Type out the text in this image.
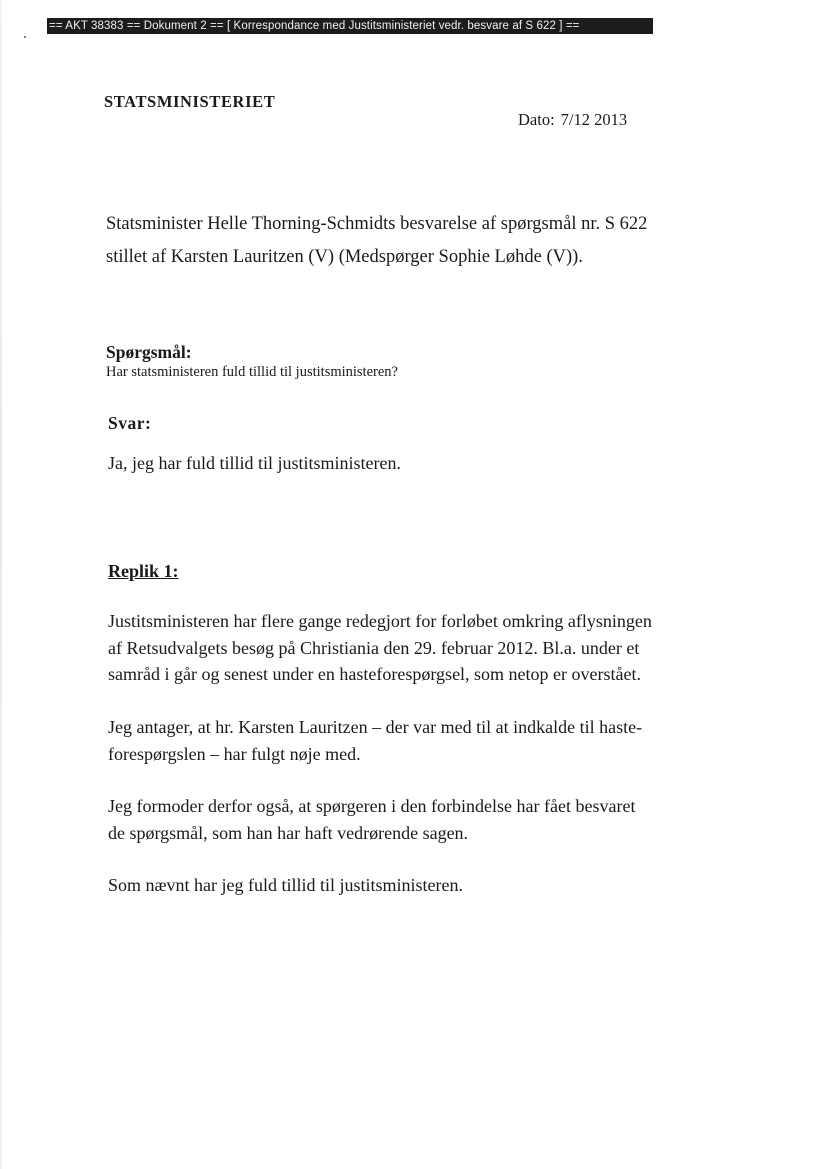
== AKT 38383 == Dokument 2 == [ Korrespondance med Justitsministeriet vedr. besvare af S 622 ] ==
STATSMINISTERIET
Dato: 7/12 2013
Statsminister Helle Thorning-Schmidts besvarelse af spørgsmål nr. S 622
stillet af Karsten Lauritzen (V) (Medspørger Sophie Løhde (V)).
Spørgsmål:
Har statsministeren fuld tillid til justitsministeren?
Svar:
Ja, jeg har fuld tillid til justitsministeren.
Replik 1:
Justitsministeren har flere gange redegjort for forløbet omkring aflysningen
af Retsudvalgets besøg på Christiania den 29. februar 2012. Bl.a. under et
samråd i går og senest under en hasteforespørgsel, som netop er overstået.
Jeg antager, at hr. Karsten Lauritzen – der var med til at indkalde til haste-
forespørgslen – har fulgt nøje med.
Jeg formoder derfor også, at spørgeren i den forbindelse har fået besvaret
de spørgsmål, som han har haft vedrørende sagen.
Som nævnt har jeg fuld tillid til justitsministeren.
